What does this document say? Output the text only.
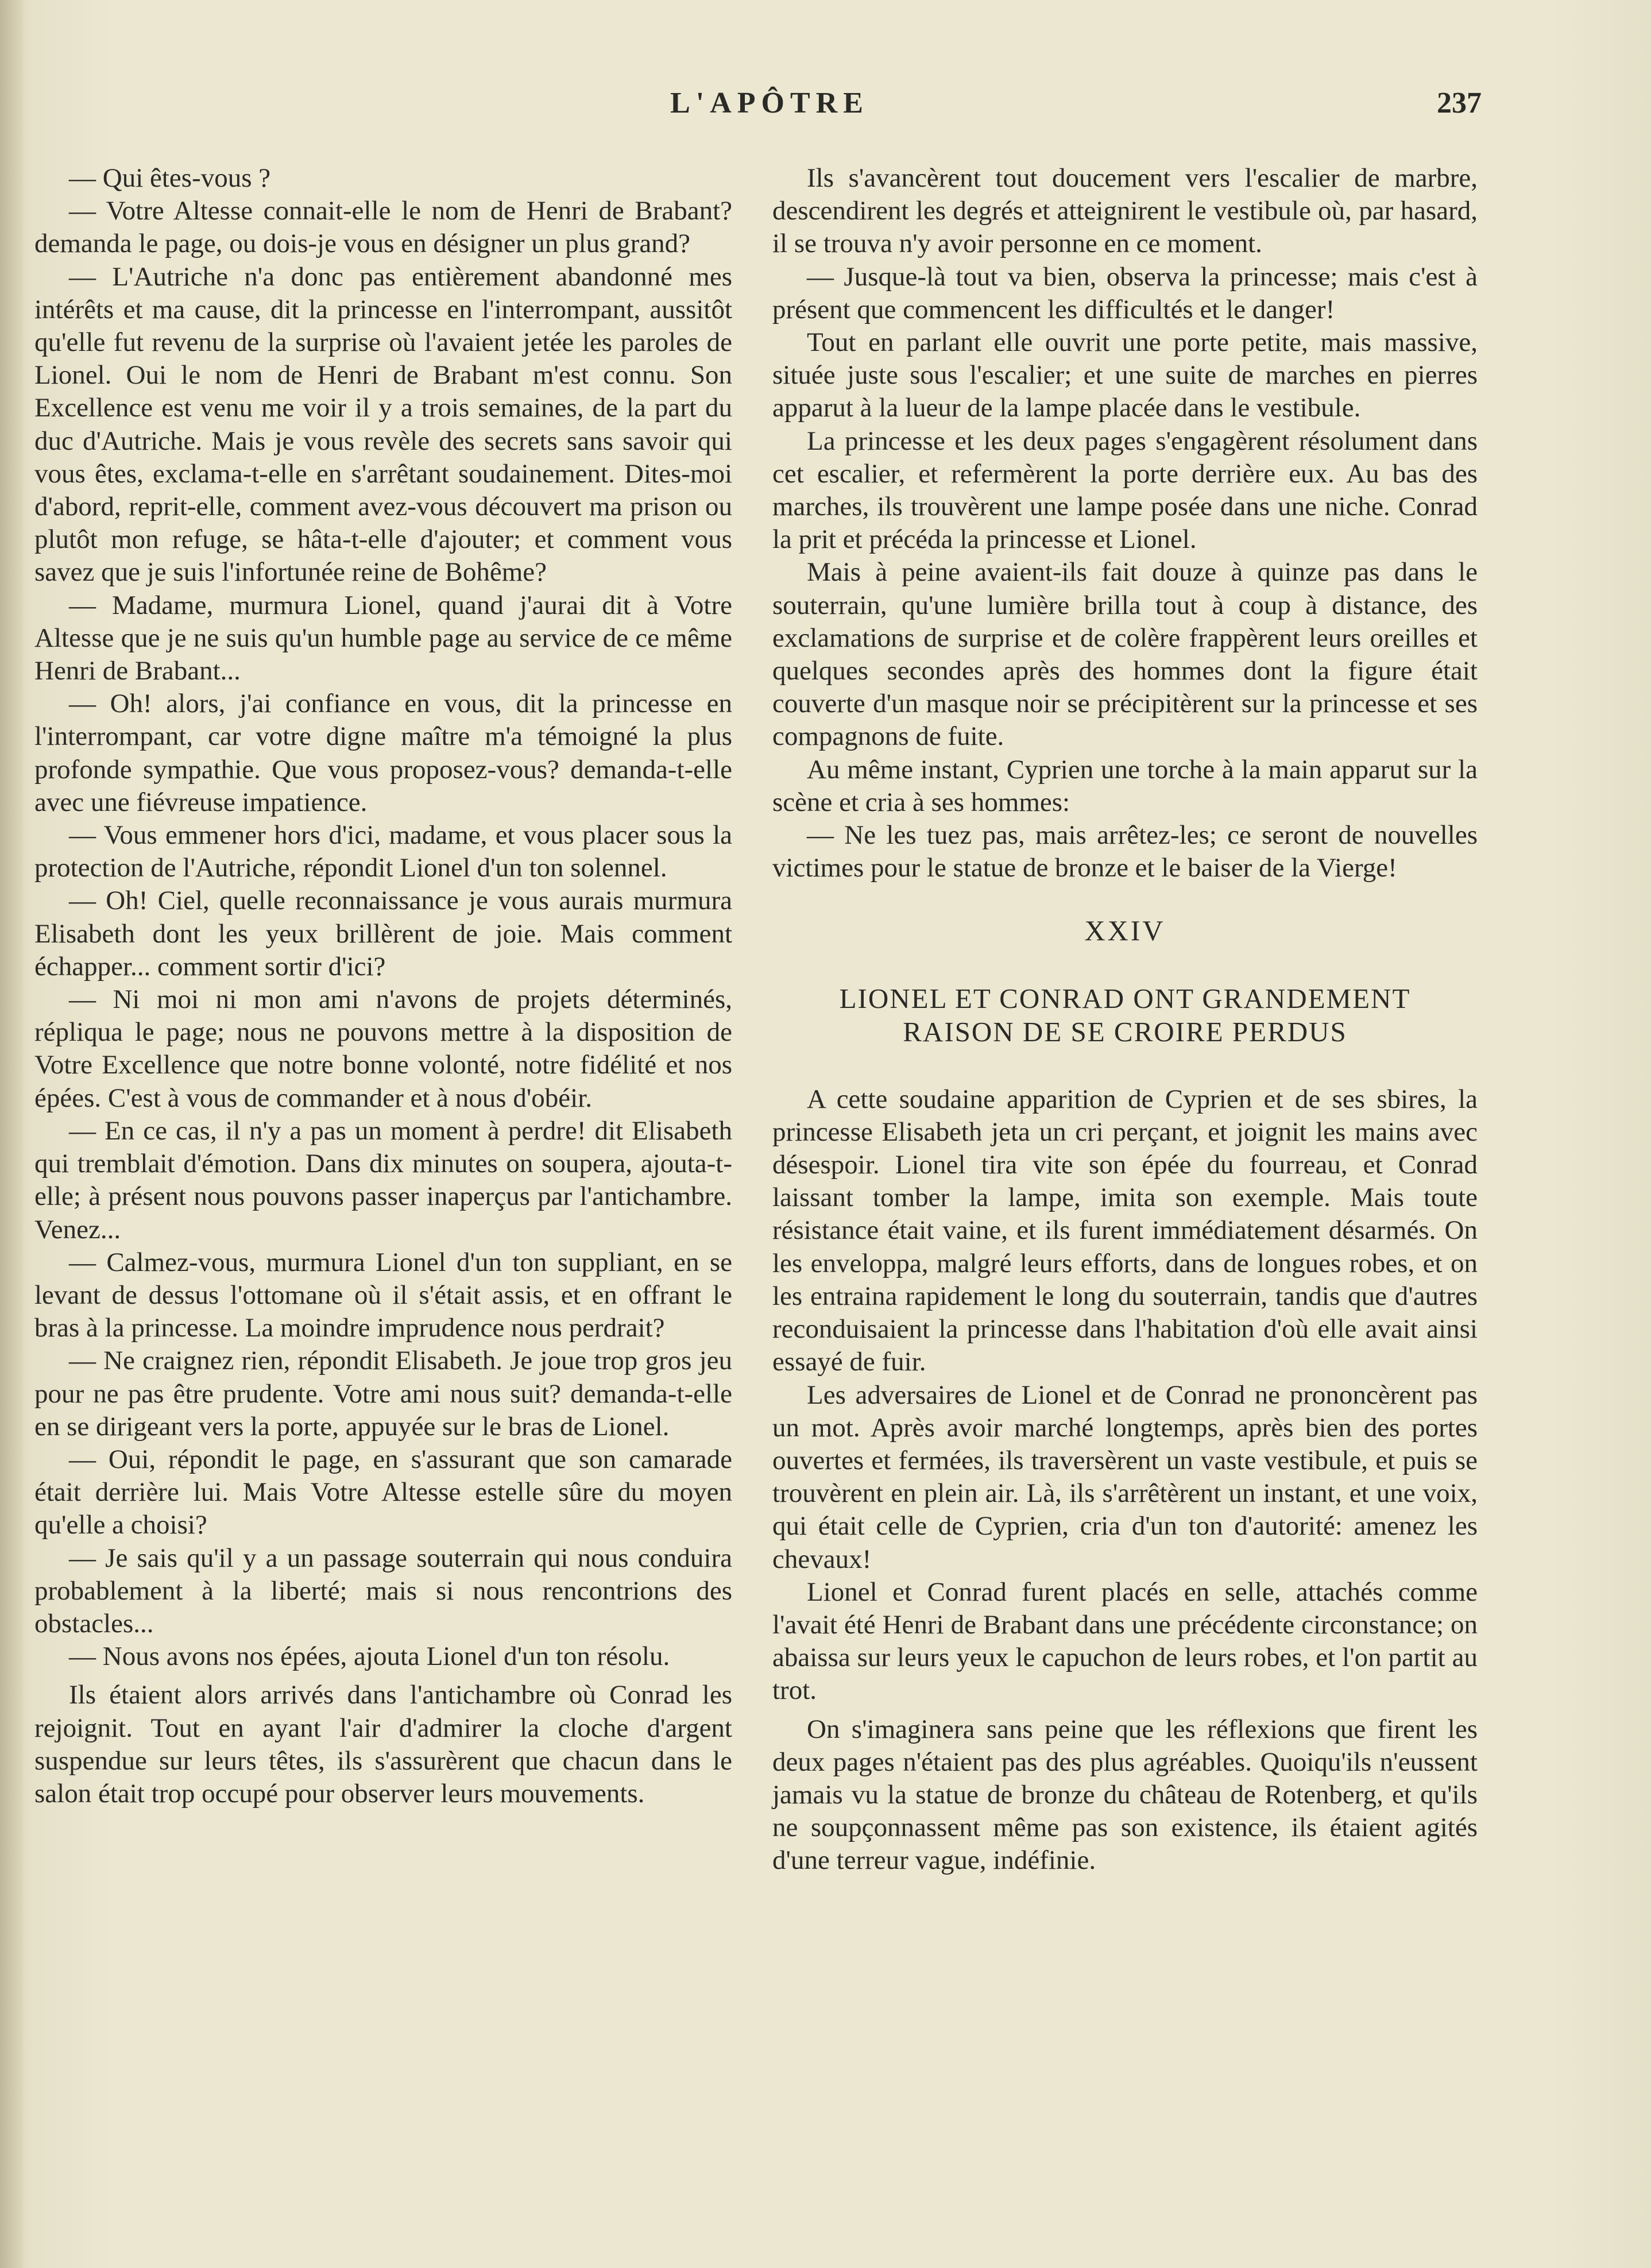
L'APÔTRE	237

— Qui êtes-vous ?

— Votre Altesse connait-elle le nom de Henri de Brabant? demanda le page, ou dois-je vous en désigner un plus grand?

— L'Autriche n'a donc pas entièrement abandonné mes intérêts et ma cause, dit la princesse en l'interrompant, aussitôt qu'elle fut revenu de la surprise où l'avaient jetée les paroles de Lionel. Oui le nom de Henri de Brabant m'est connu. Son Excellence est venu me voir il y a trois semaines, de la part du duc d'Autriche. Mais je vous revèle des secrets sans savoir qui vous êtes, exclama-t-elle en s'arrêtant soudainement. Dites-moi d'abord, reprit-elle, comment avez-vous découvert ma prison ou plutôt mon refuge, se hâta-t-elle d'ajouter; et comment vous savez que je suis l'infortunée reine de Bohême?

— Madame, murmura Lionel, quand j'aurai dit à Votre Altesse que je ne suis qu'un humble page au service de ce même Henri de Brabant...

— Oh! alors, j'ai confiance en vous, dit la princesse en l'interrompant, car votre digne maître m'a témoigné la plus profonde sympathie. Que vous proposez-vous? demanda-t-elle avec une fiévreuse impatience.

— Vous emmener hors d'ici, madame, et vous placer sous la protection de l'Autriche, répondit Lionel d'un ton solennel.

— Oh! Ciel, quelle reconnaissance je vous aurais murmura Elisabeth dont les yeux brillèrent de joie. Mais comment échapper... comment sortir d'ici?

— Ni moi ni mon ami n'avons de projets déterminés, répliqua le page; nous ne pouvons mettre à la disposition de Votre Excellence que notre bonne volonté, notre fidélité et nos épées. C'est à vous de commander et à nous d'obéir.

— En ce cas, il n'y a pas un moment à perdre! dit Elisabeth qui tremblait d'émotion. Dans dix minutes on soupera, ajouta-t-elle; à présent nous pouvons passer inaperçus par l'antichambre. Venez...

— Calmez-vous, murmura Lionel d'un ton suppliant, en se levant de dessus l'ottomane où il s'était assis, et en offrant le bras à la princesse. La moindre imprudence nous perdrait?

— Ne craignez rien, répondit Elisabeth. Je joue trop gros jeu pour ne pas être prudente. Votre ami nous suit? demanda-t-elle en se dirigeant vers la porte, appuyée sur le bras de Lionel.

— Oui, répondit le page, en s'assurant que son camarade était derrière lui. Mais Votre Altesse estelle sûre du moyen qu'elle a choisi?

— Je sais qu'il y a un passage souterrain qui nous conduira probablement à la liberté; mais si nous rencontrions des obstacles...

— Nous avons nos épées, ajouta Lionel d'un ton résolu.

Ils étaient alors arrivés dans l'antichambre où Conrad les rejoignit. Tout en ayant l'air d'admirer la cloche d'argent suspendue sur leurs têtes, ils s'assurèrent que chacun dans le salon était trop occupé pour observer leurs mouvements.

Ils s'avancèrent tout doucement vers l'escalier de marbre, descendirent les degrés et atteignirent le vestibule où, par hasard, il se trouva n'y avoir personne en ce moment.

— Jusque-là tout va bien, observa la princesse; mais c'est à présent que commencent les difficultés et le danger!

Tout en parlant elle ouvrit une porte petite, mais massive, située juste sous l'escalier; et une suite de marches en pierres apparut à la lueur de la lampe placée dans le vestibule.

La princesse et les deux pages s'engagèrent résolument dans cet escalier, et refermèrent la porte derrière eux. Au bas des marches, ils trouvèrent une lampe posée dans une niche. Conrad la prit et précéda la princesse et Lionel.

Mais à peine avaient-ils fait douze à quinze pas dans le souterrain, qu'une lumière brilla tout à coup à distance, des exclamations de surprise et de colère frappèrent leurs oreilles et quelques secondes après des hommes dont la figure était couverte d'un masque noir se précipitèrent sur la princesse et ses compagnons de fuite.

Au même instant, Cyprien une torche à la main apparut sur la scène et cria à ses hommes:

— Ne les tuez pas, mais arrêtez-les; ce seront de nouvelles victimes pour le statue de bronze et le baiser de la Vierge!

XXIV

LIONEL ET CONRAD ONT GRANDEMENT
RAISON DE SE CROIRE PERDUS

A cette soudaine apparition de Cyprien et de ses sbires, la princesse Elisabeth jeta un cri perçant, et joignit les mains avec désespoir. Lionel tira vite son épée du fourreau, et Conrad laissant tomber la lampe, imita son exemple. Mais toute résistance était vaine, et ils furent immédiatement désarmés. On les enveloppa, malgré leurs efforts, dans de longues robes, et on les entraina rapidement le long du souterrain, tandis que d'autres reconduisaient la princesse dans l'habitation d'où elle avait ainsi essayé de fuir.

Les adversaires de Lionel et de Conrad ne prononcèrent pas un mot. Après avoir marché longtemps, après bien des portes ouvertes et fermées, ils traversèrent un vaste vestibule, et puis se trouvèrent en plein air. Là, ils s'arrêtèrent un instant, et une voix, qui était celle de Cyprien, cria d'un ton d'autorité: amenez les chevaux!

Lionel et Conrad furent placés en selle, attachés comme l'avait été Henri de Brabant dans une précédente circonstance; on abaissa sur leurs yeux le capuchon de leurs robes, et l'on partit au trot.

On s'imaginera sans peine que les réflexions que firent les deux pages n'étaient pas des plus agréables. Quoiqu'ils n'eussent jamais vu la statue de bronze du château de Rotenberg, et qu'ils ne soupçonnassent même pas son existence, ils étaient agités d'une terreur vague, indéfinie.
